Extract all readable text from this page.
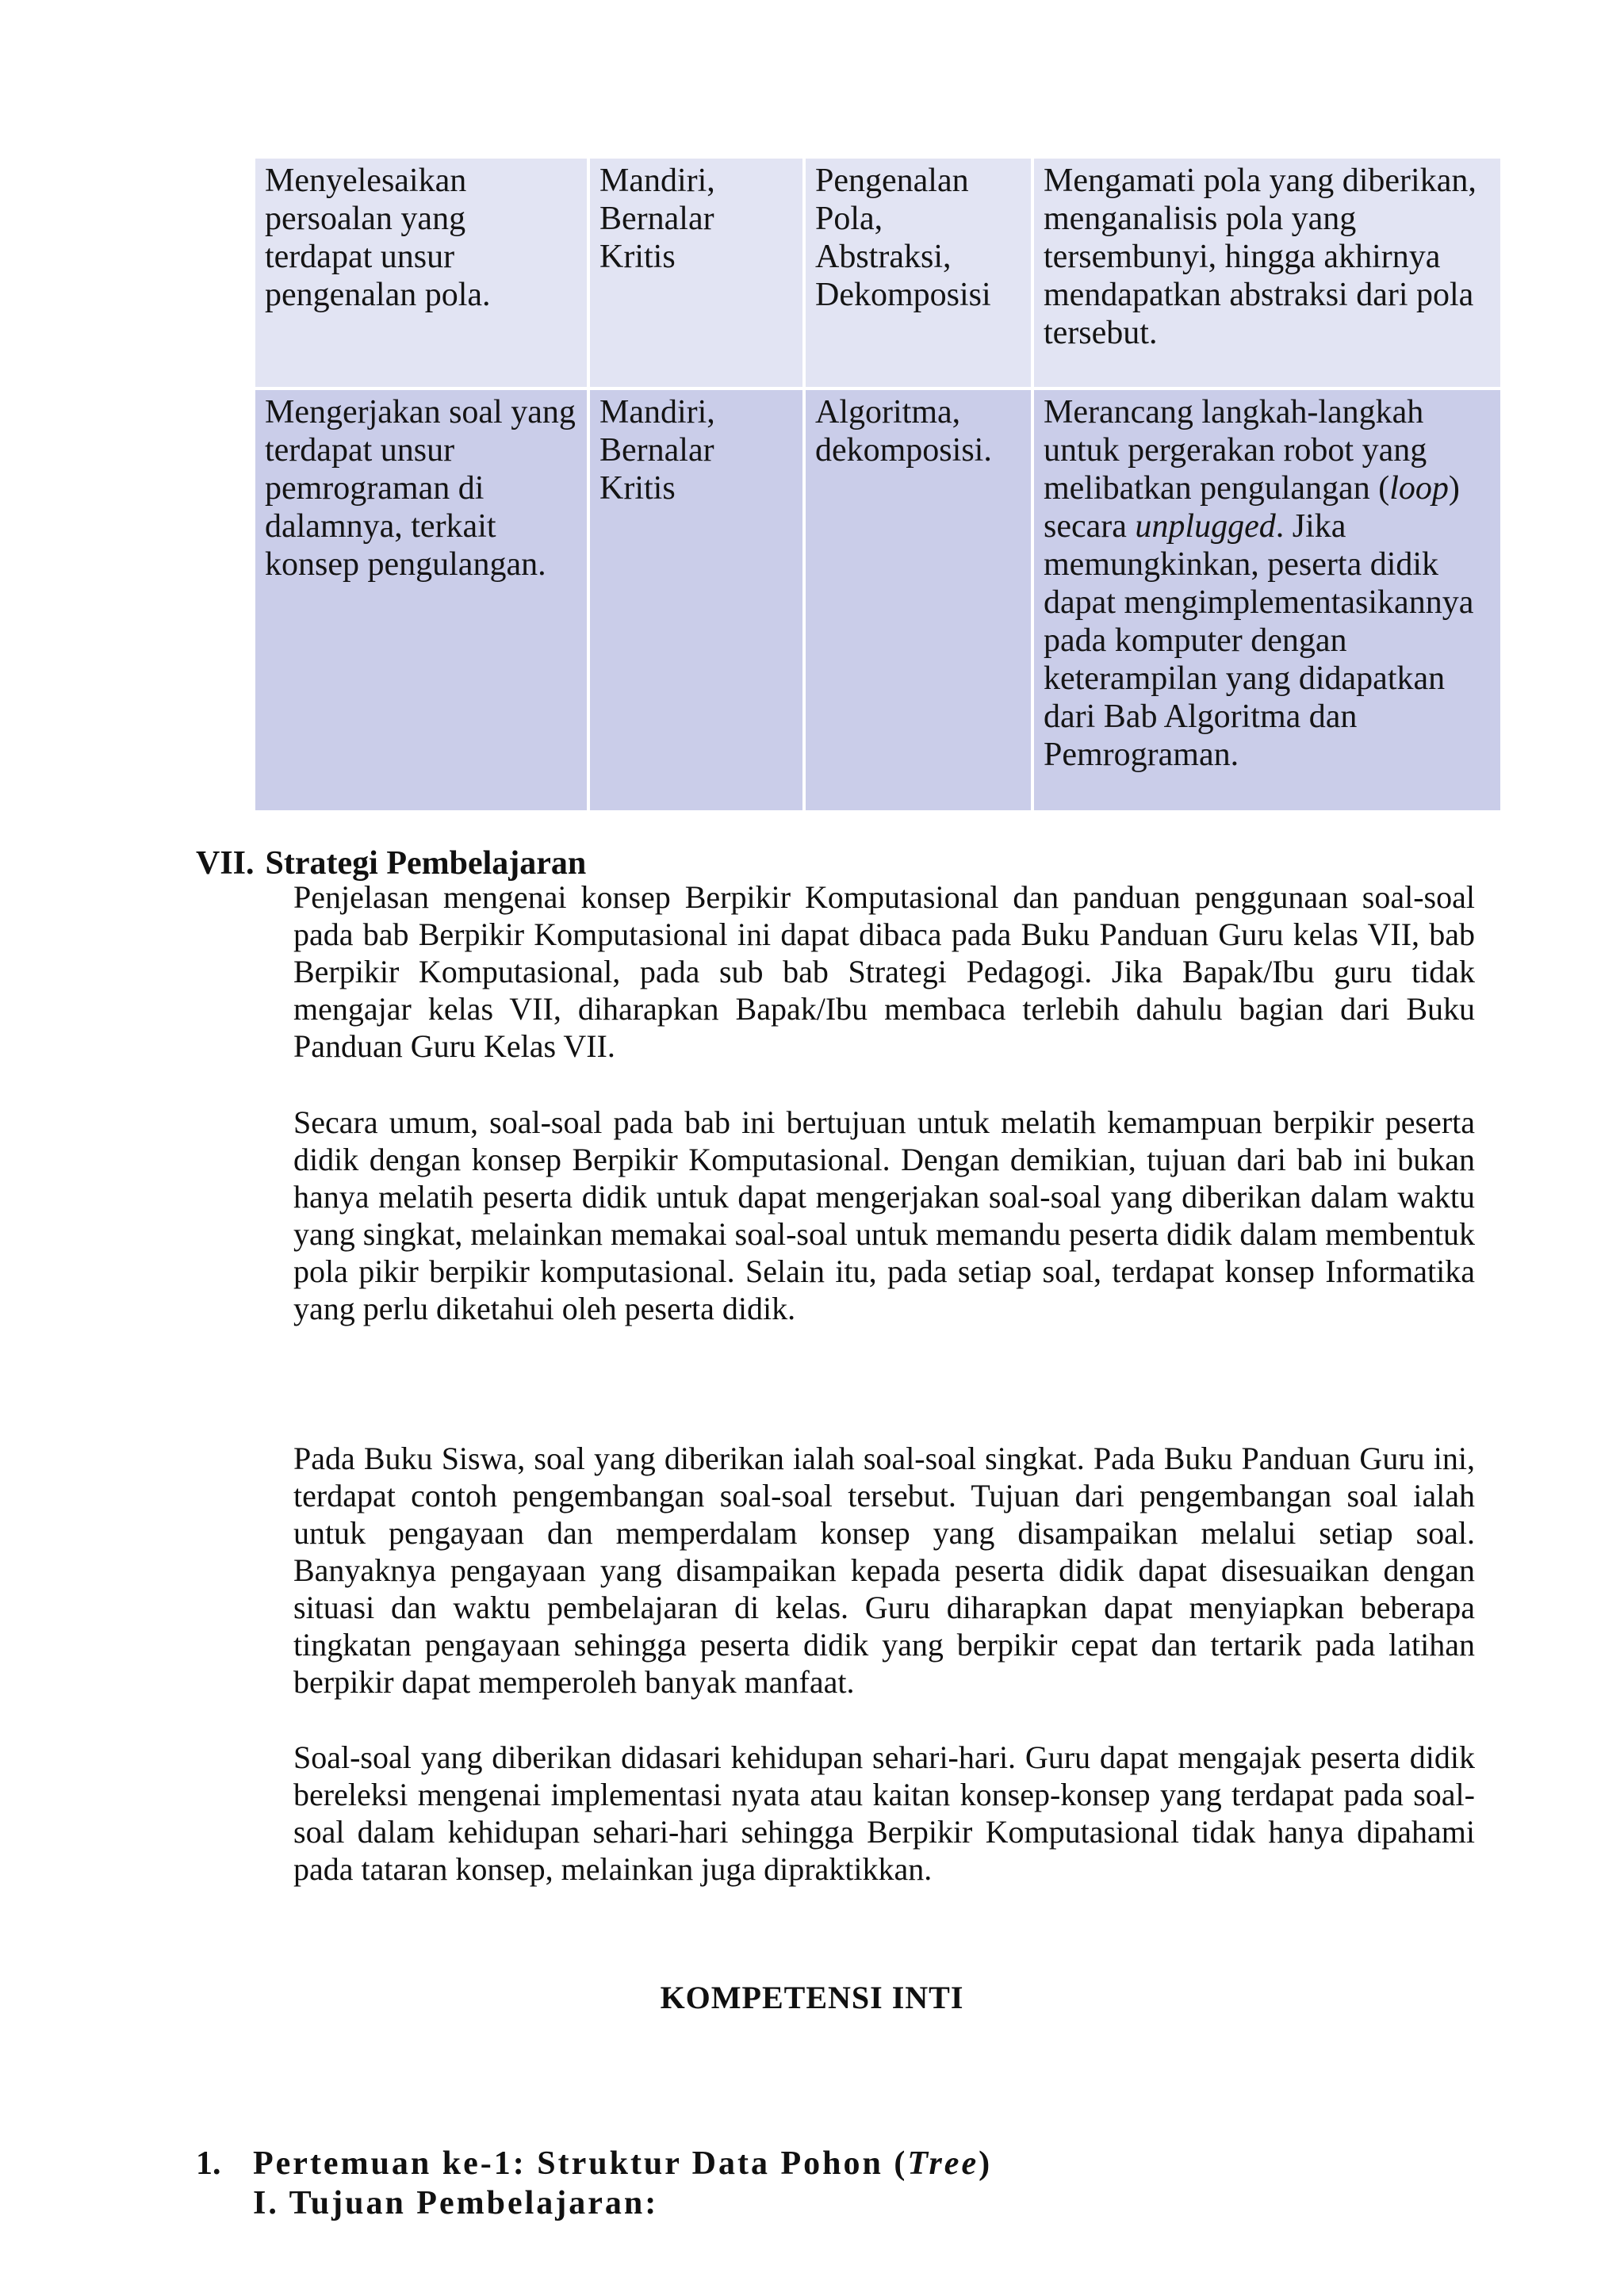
Menyelesaikan persoalan yang terdapat unsur pengenalan pola.	Mandiri, Bernalar Kritis	Pengenalan Pola, Abstraksi, Dekomposisi	Mengamati pola yang diberikan, menganalisis pola yang tersembunyi, hingga akhirnya mendapatkan abstraksi dari pola tersebut.
Mengerjakan soal yang terdapat unsur pemrograman di dalamnya, terkait konsep pengulangan.	Mandiri, Bernalar Kritis	Algoritma, dekomposisi.	Merancang langkah-langkah untuk pergerakan robot yang melibatkan pengulangan (loop) secara unplugged. Jika memungkinkan, peserta didik dapat mengimplementasikannya pada komputer dengan keterampilan yang didapatkan dari Bab Algoritma dan Pemrograman.
VII. Strategi Pembelajaran

Penjelasan mengenai konsep Berpikir Komputasional dan panduan penggunaan soal-soal pada bab Berpikir Komputasional ini dapat dibaca pada Buku Panduan Guru kelas VII, bab Berpikir Komputasional, pada sub bab Strategi Pedagogi. Jika Bapak/Ibu guru tidak mengajar kelas VII, diharapkan Bapak/Ibu membaca terlebih dahulu bagian dari Buku Panduan Guru Kelas VII.

Secara umum, soal-soal pada bab ini bertujuan untuk melatih kemampuan berpikir peserta didik dengan konsep Berpikir Komputasional. Dengan demikian, tujuan dari bab ini bukan hanya melatih peserta didik untuk dapat mengerjakan soal-soal yang diberikan dalam waktu yang singkat, melainkan memakai soal-soal untuk memandu peserta didik dalam membentuk pola pikir berpikir komputasional. Selain itu, pada setiap soal, terdapat konsep Informatika yang perlu diketahui oleh peserta didik.

Pada Buku Siswa, soal yang diberikan ialah soal-soal singkat. Pada Buku Panduan Guru ini, terdapat contoh pengembangan soal-soal tersebut. Tujuan dari pengembangan soal ialah untuk pengayaan dan memperdalam konsep yang disampaikan melalui setiap soal. Banyaknya pengayaan yang disampaikan kepada peserta didik dapat disesuaikan dengan situasi dan waktu pembelajaran di kelas. Guru diharapkan dapat menyiapkan beberapa tingkatan pengayaan sehingga peserta didik yang berpikir cepat dan tertarik pada latihan berpikir dapat memperoleh banyak manfaat.

Soal-soal yang diberikan didasari kehidupan sehari-hari. Guru dapat mengajak peserta didik bereleksi mengenai implementasi nyata atau kaitan konsep-konsep yang terdapat pada soal-soal dalam kehidupan sehari-hari sehingga Berpikir Komputasional tidak hanya dipahami pada tataran konsep, melainkan juga dipraktikkan.

KOMPETENSI INTI
1. Pertemuan ke-1: Struktur Data Pohon (Tree)
I. Tujuan Pembelajaran:
